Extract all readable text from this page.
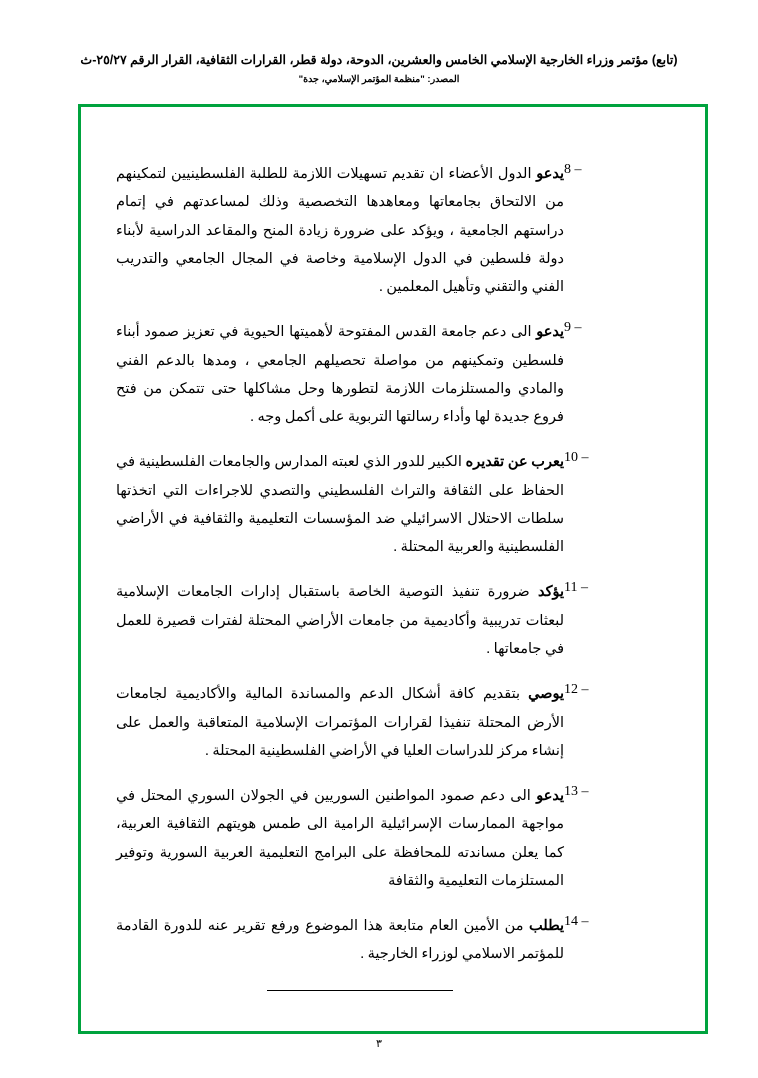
(تابع) مؤتمر وزراء الخارجية الإسلامي الخامس والعشرين، الدوحة، دولة قطر، القرارات الثقافية، القرار الرقم ٢٥/٢٧-ث
المصدر: "منظمة المؤتمر الإسلامي، جدة"
8 –
يدعو الدول الأعضاء ان تقديم تسهيلات اللازمة للطلبة الفلسطينيين لتمكينهم من الالتحاق بجامعاتها ومعاهدها التخصصية وذلك لمساعدتهم في إتمام دراستهم الجامعية ، ويؤكد على ضرورة زيادة المنح والمقاعد الدراسية لأبناء دولة فلسطين في الدول الإسلامية وخاصة في المجال الجامعي والتدريب الفني والتقني وتأهيل المعلمين .
9 –
يدعو الى دعم جامعة القدس المفتوحة لأهميتها الحيوية في تعزيز صمود أبناء فلسطين وتمكينهم من مواصلة تحصيلهم الجامعي ، ومدها بالدعم الفني والمادي والمستلزمات اللازمة لتطورها وحل مشاكلها حتى تتمكن من فتح فروع جديدة لها وأداء رسالتها التربوية على أكمل وجه .
10 –
يعرب عن تقديره الكبير للدور الذي لعبته المدارس والجامعات الفلسطينية في الحفاظ على الثقافة والتراث الفلسطيني والتصدي للاجراءات التي اتخذتها سلطات الاحتلال الاسرائيلي ضد المؤسسات التعليمية والثقافية في الأراضي الفلسطينية والعربية المحتلة .
11 –
يؤكد ضرورة تنفيذ التوصية الخاصة باستقبال إدارات الجامعات الإسلامية لبعثات تدريبية وأكاديمية من جامعات الأراضي المحتلة لفترات قصيرة للعمل في جامعاتها .
12 –
يوصي بتقديم كافة أشكال الدعم والمساندة المالية والأكاديمية لجامعات الأرض المحتلة تنفيذا لقرارات المؤتمرات الإسلامية المتعاقبة والعمل على إنشاء مركز للدراسات العليا في الأراضي الفلسطينية المحتلة .
13 –
يدعو الى دعم صمود المواطنين السوريين في الجولان السوري المحتل في مواجهة الممارسات الإسرائيلية الرامية الى طمس هويتهم الثقافية العربية، كما يعلن مساندته للمحافظة على البرامج التعليمية العربية السورية وتوفير المستلزمات التعليمية والثقافة
14 –
يطلب من الأمين العام متابعة هذا الموضوع ورفع تقرير عنه للدورة القادمة للمؤتمر الاسلامي لوزراء الخارجية .
٣
